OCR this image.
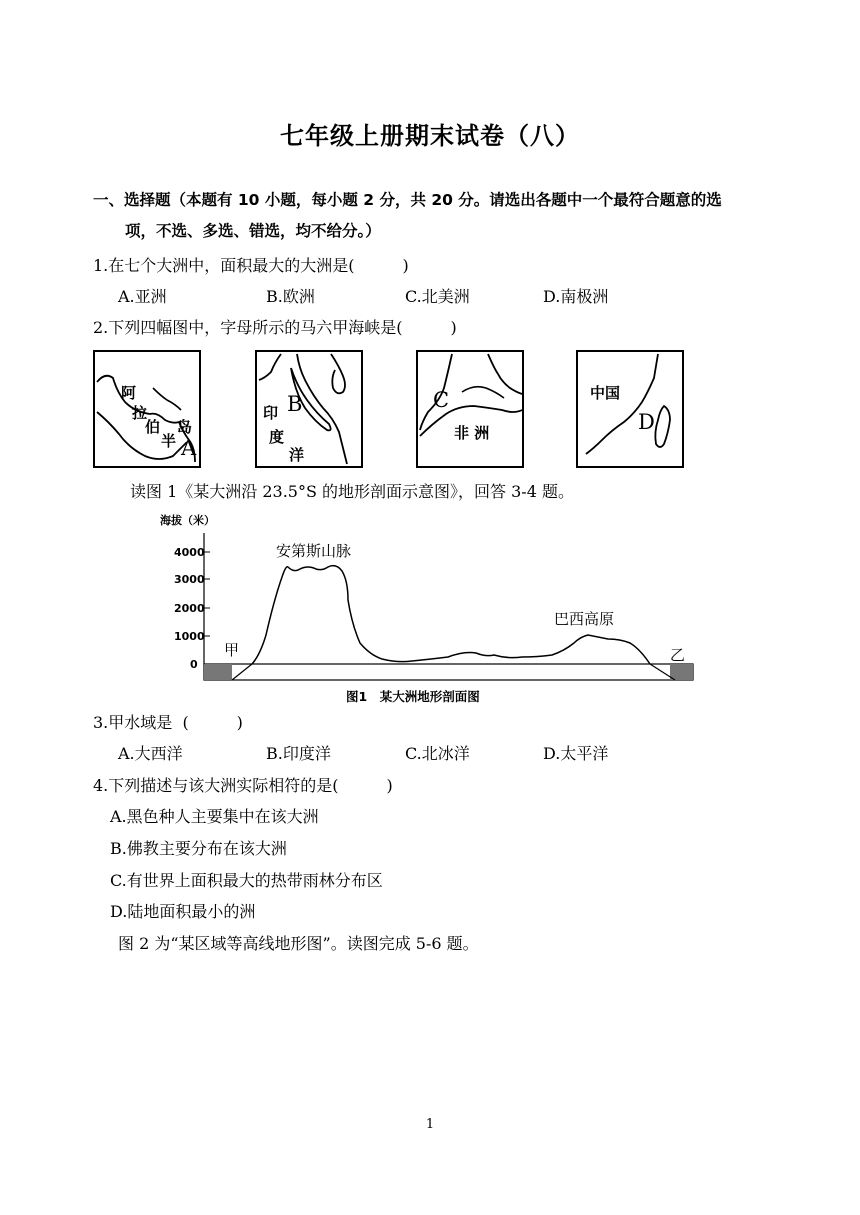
七年级上册期末试卷（八）
一、选择题（本题有 10 小题，每小题 2 分，共 20 分。请选出各题中一个最符合题意的选
项，不选、多选、错选，均不给分。）
1.在七个大洲中，面积最大的大洲是(　　　)
A.亚洲	B.欧洲	C.北美洲	D.南极洲
2.下列四幅图中，字母所示的马六甲海峡是(　　　)
阿
拉
伯
半
岛
A
B
印
度
洋
C
非 洲
中国
D
读图 1《某大洲沿 23.5°S 的地形剖面示意图》，回答 3-4 题。
海拔（米）
4000
3000
2000
1000
0
安第斯山脉
巴西高原
甲	乙
图1　某大洲地形剖面图
3.甲水域是  (　　　)
A.大西洋	B.印度洋	C.北冰洋	D.太平洋
4.下列描述与该大洲实际相符的是(　　　)
A.黑色种人主要集中在该大洲
B.佛教主要分布在该大洲
C.有世界上面积最大的热带雨林分布区
D.陆地面积最小的洲
图 2 为“某区域等高线地形图”。读图完成 5-6 题。
1
